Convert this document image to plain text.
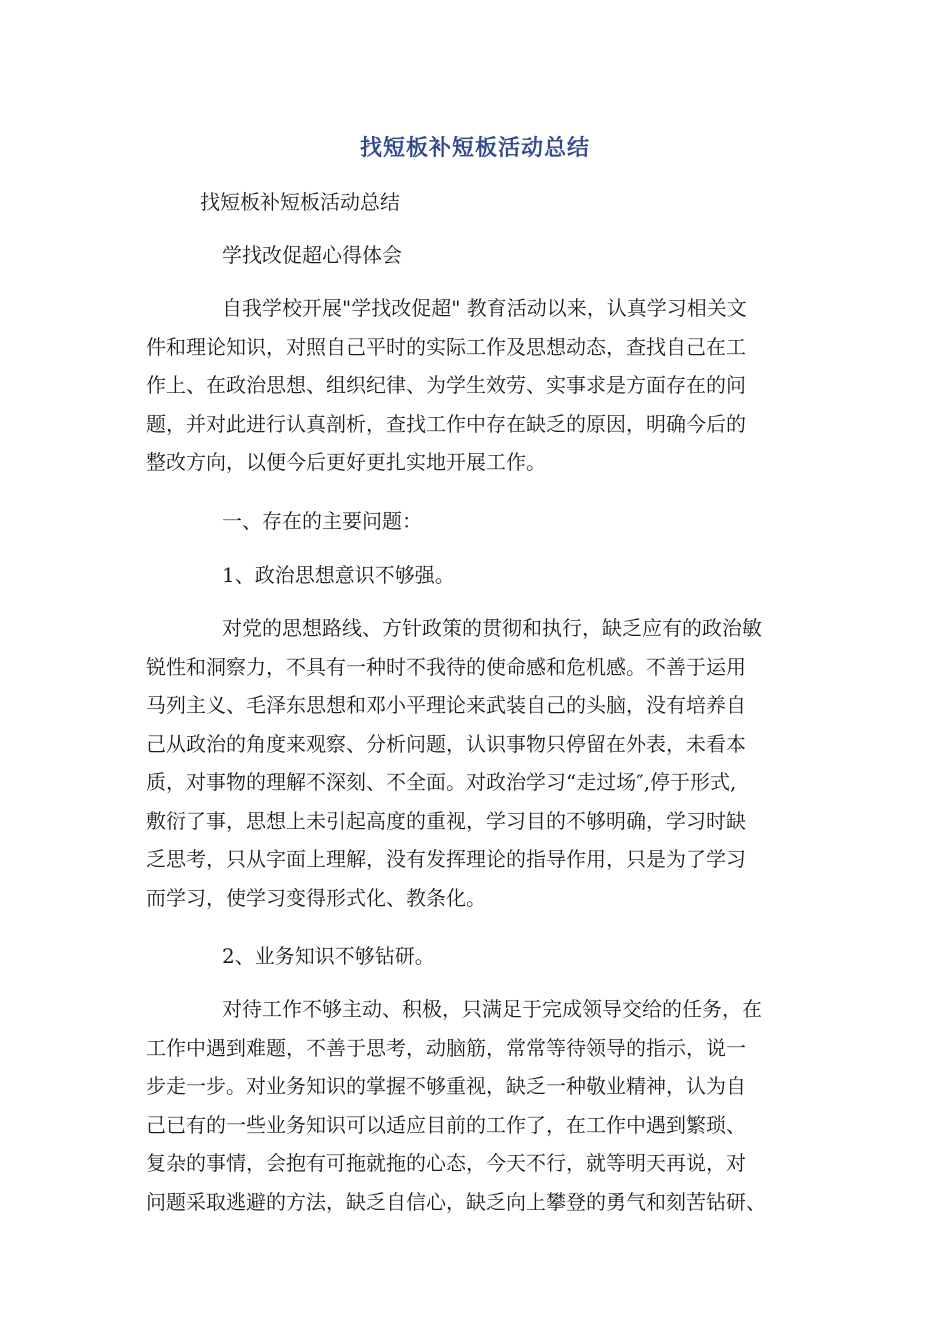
找短板补短板活动总结
找短板补短板活动总结
学找改促超心得体会
自我学校开展"学找改促超" 教育活动以来，认真学习相关文
件和理论知识，对照自己平时的实际工作及思想动态，查找自己在工
作上、在政治思想、组织纪律、为学生效劳、实事求是方面存在的问
题，并对此进行认真剖析，查找工作中存在缺乏的原因，明确今后的
整改方向，以便今后更好更扎实地开展工作。
一、存在的主要问题：
1、政治思想意识不够强。
对党的思想路线、方针政策的贯彻和执行，缺乏应有的政治敏
锐性和洞察力，不具有一种时不我待的使命感和危机感。不善于运用
马列主义、毛泽东思想和邓小平理论来武装自己的头脑，没有培养自
己从政治的角度来观察、分析问题，认识事物只停留在外表，未看本
质，对事物的理解不深刻、不全面。对政治学习“走过场″,停于形式,
敷衍了事，思想上未引起高度的重视，学习目的不够明确，学习时缺
乏思考，只从字面上理解，没有发挥理论的指导作用，只是为了学习
而学习，使学习变得形式化、教条化。
2、业务知识不够钻研。
对待工作不够主动、积极，只满足于完成领导交给的任务，在
工作中遇到难题，不善于思考，动脑筋，常常等待领导的指示，说一
步走一步。对业务知识的掌握不够重视，缺乏一种敬业精神，认为自
己已有的一些业务知识可以适应目前的工作了，在工作中遇到繁琐、
复杂的事情，会抱有可拖就拖的心态，今天不行，就等明天再说，对
问题采取逃避的方法，缺乏自信心，缺乏向上攀登的勇气和刻苦钻研、
